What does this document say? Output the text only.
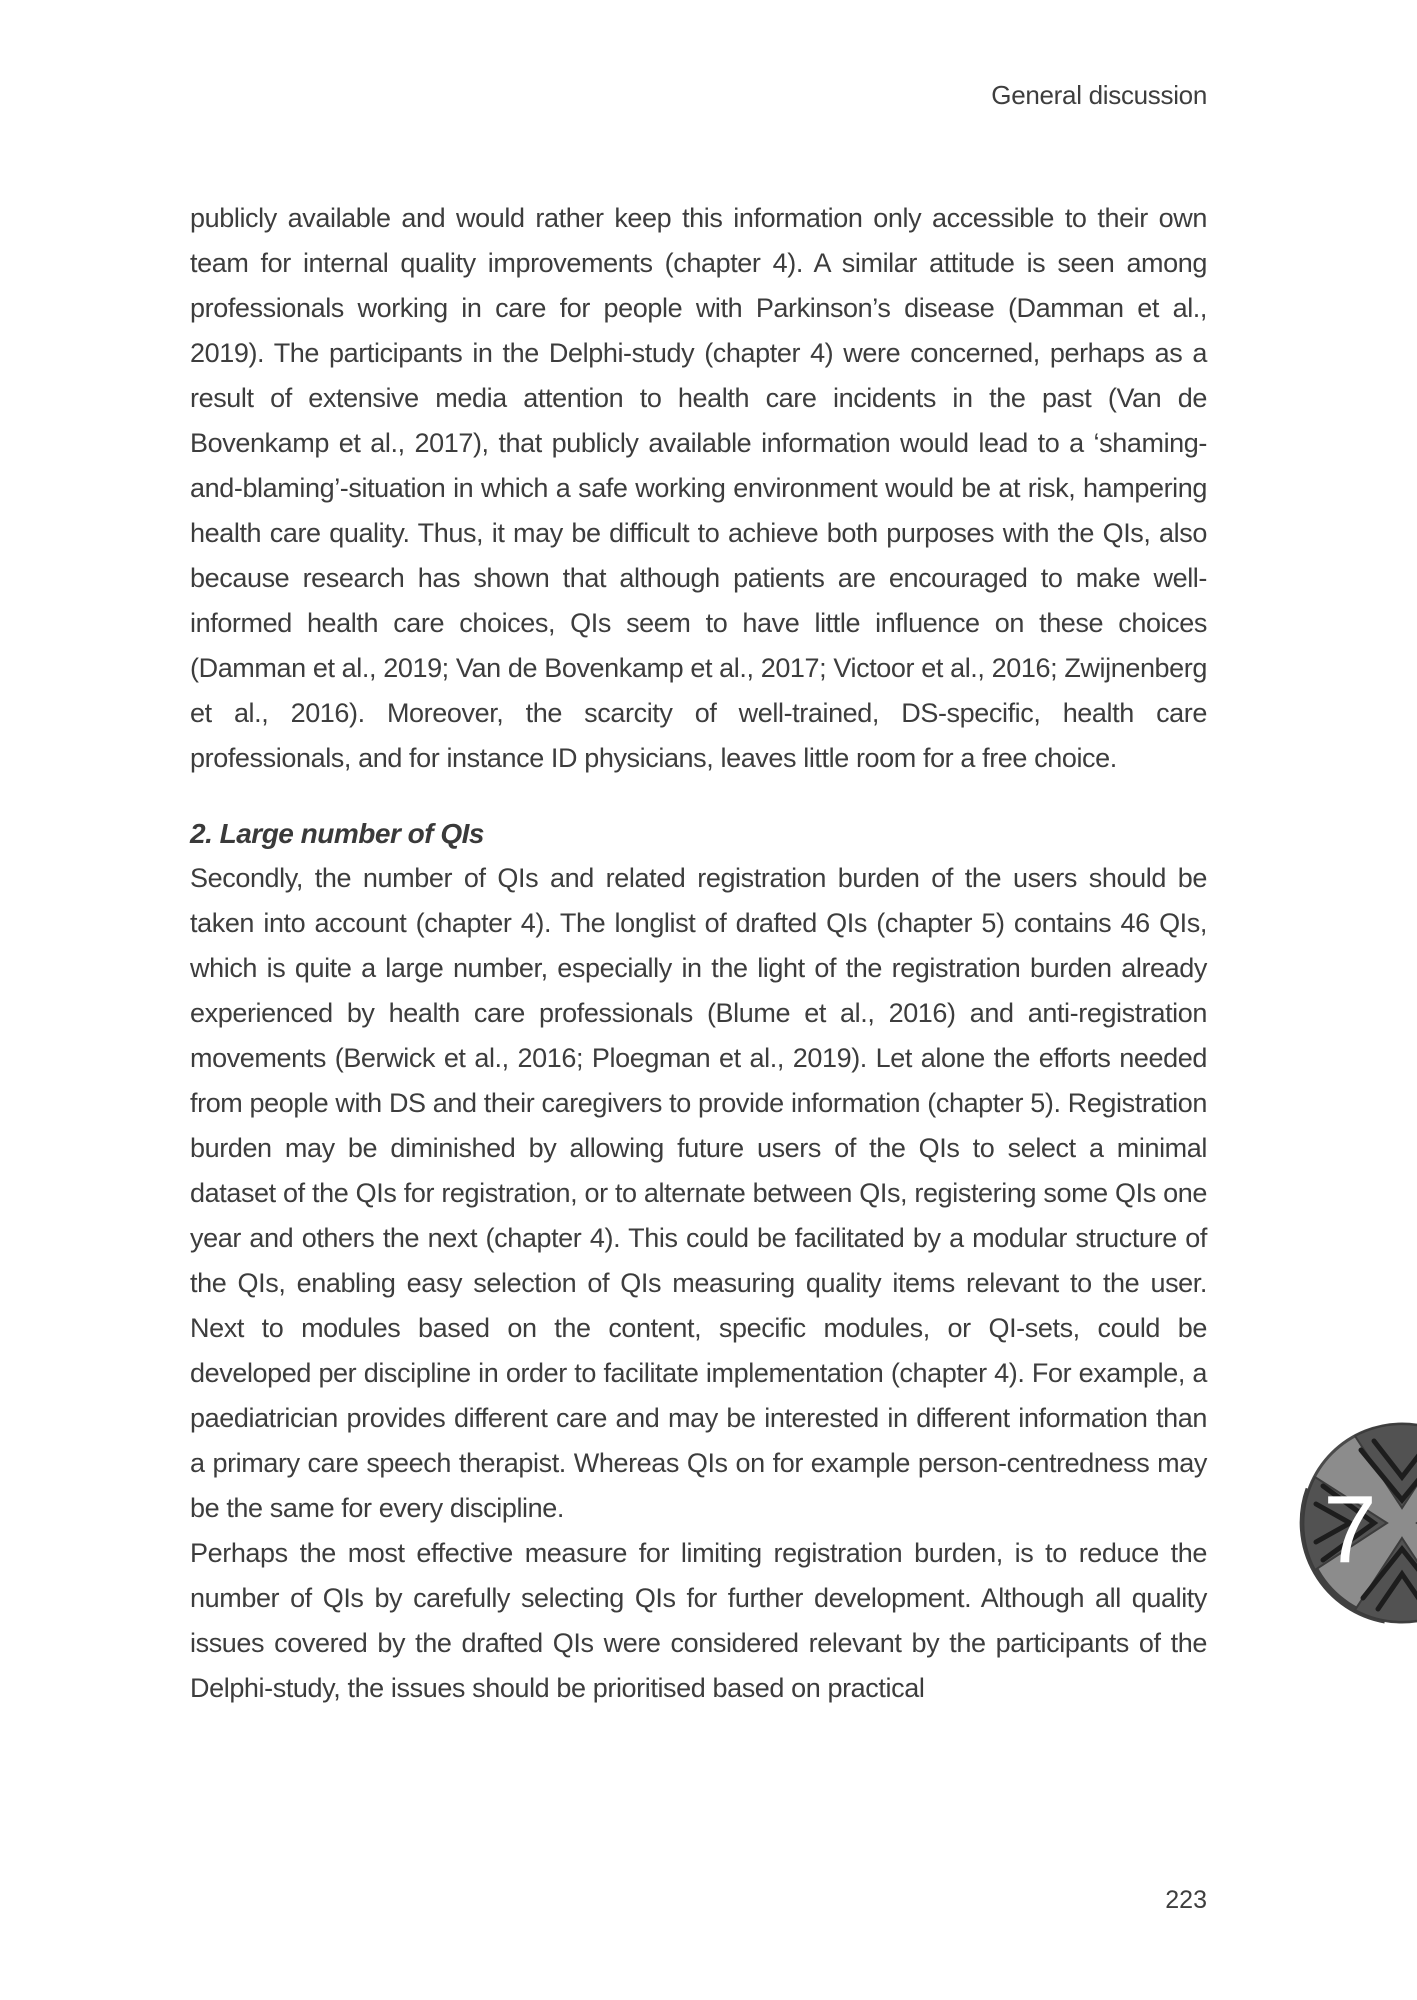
General discussion

publicly available and would rather keep this information only accessible to their own team for internal quality improvements (chapter 4). A similar attitude is seen among professionals working in care for people with Parkinson’s disease (Damman et al., 2019). The participants in the Delphi-study (chapter 4) were concerned, perhaps as a result of extensive media attention to health care incidents in the past (Van de Bovenkamp et al., 2017), that publicly available information would lead to a ‘shaming-and-blaming’-situation in which a safe working environment would be at risk, hampering health care quality. Thus, it may be difficult to achieve both purposes with the QIs, also because research has shown that although patients are encouraged to make well-informed health care choices, QIs seem to have little influence on these choices (Damman et al., 2019; Van de Bovenkamp et al., 2017; Victoor et al., 2016; Zwijnenberg et al., 2016). Moreover, the scarcity of well-trained, DS-specific, health care professionals, and for instance ID physicians, leaves little room for a free choice.

2. Large number of QIs

Secondly, the number of QIs and related registration burden of the users should be taken into account (chapter 4). The longlist of drafted QIs (chapter 5) contains 46 QIs, which is quite a large number, especially in the light of the registration burden already experienced by health care professionals (Blume et al., 2016) and anti-registration movements (Berwick et al., 2016; Ploegman et al., 2019). Let alone the efforts needed from people with DS and their caregivers to provide information (chapter 5). Registration burden may be diminished by allowing future users of the QIs to select a minimal dataset of the QIs for registration, or to alternate between QIs, registering some QIs one year and others the next (chapter 4). This could be facilitated by a modular structure of the QIs, enabling easy selection of QIs measuring quality items relevant to the user. Next to modules based on the content, specific modules, or QI-sets, could be developed per discipline in order to facilitate implementation (chapter 4). For example, a paediatrician provides different care and may be interested in different information than a primary care speech therapist. Whereas QIs on for example person-centredness may be the same for every discipline.

Perhaps the most effective measure for limiting registration burden, is to reduce the number of QIs by carefully selecting QIs for further development. Although all quality issues covered by the drafted QIs were considered relevant by the participants of the Delphi-study, the issues should be prioritised based on practical

7
223
